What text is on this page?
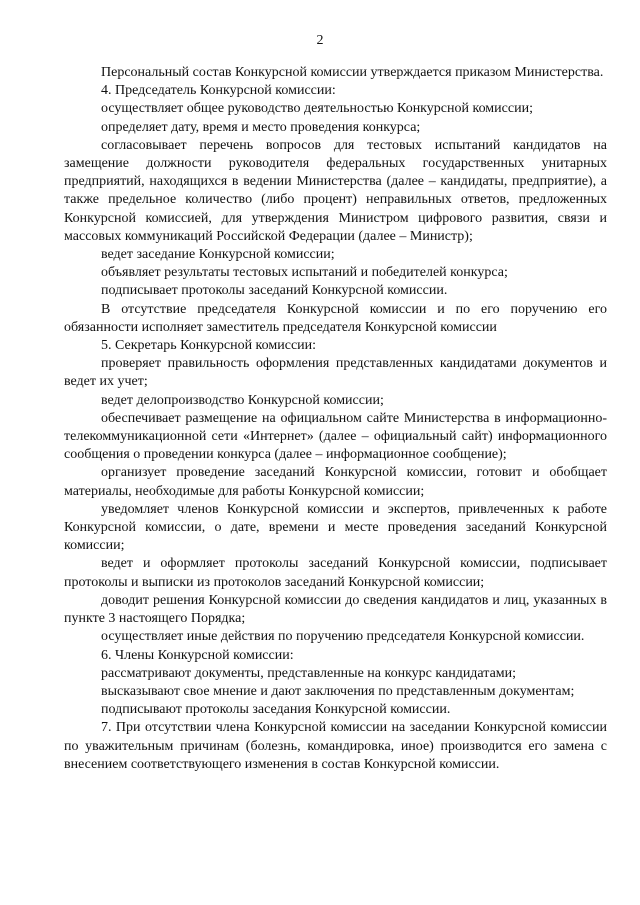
2

Персональный состав Конкурсной комиссии утверждается приказом Министерства.

4. Председатель Конкурсной комиссии:

осуществляет общее руководство деятельностью Конкурсной комиссии;

определяет дату, время и место проведения конкурса;

согласовывает перечень вопросов для тестовых испытаний кандидатов на замещение должности руководителя федеральных государственных унитарных предприятий, находящихся в ведении Министерства (далее – кандидаты, предприятие), а также предельное количество (либо процент) неправильных ответов, предложенных Конкурсной комиссией, для утверждения Министром цифрового развития, связи и массовых коммуникаций Российской Федерации (далее – Министр);

ведет заседание Конкурсной комиссии;

объявляет результаты тестовых испытаний и победителей конкурса;

подписывает протоколы заседаний Конкурсной комиссии.

В отсутствие председателя Конкурсной комиссии и по его поручению его обязанности исполняет заместитель председателя Конкурсной комиссии

5. Секретарь Конкурсной комиссии:

проверяет правильность оформления представленных кандидатами документов и ведет их учет;

ведет делопроизводство Конкурсной комиссии;

обеспечивает размещение на официальном сайте Министерства в информационно-телекоммуникационной сети «Интернет» (далее – официальный сайт) информационного сообщения о проведении конкурса (далее – информационное сообщение);

организует проведение заседаний Конкурсной комиссии, готовит и обобщает материалы, необходимые для работы Конкурсной комиссии;

уведомляет членов Конкурсной комиссии и экспертов, привлеченных к работе Конкурсной комиссии, о дате, времени и месте проведения заседаний Конкурсной комиссии;

ведет и оформляет протоколы заседаний Конкурсной комиссии, подписывает протоколы и выписки из протоколов заседаний Конкурсной комиссии;

доводит решения Конкурсной комиссии до сведения кандидатов и лиц, указанных в пункте 3 настоящего Порядка;

осуществляет иные действия по поручению председателя Конкурсной комиссии.

6. Члены Конкурсной комиссии:

рассматривают документы, представленные на конкурс кандидатами;

высказывают свое мнение и дают заключения по представленным документам;

подписывают протоколы заседания Конкурсной комиссии.

7. При отсутствии члена Конкурсной комиссии на заседании Конкурсной комиссии по уважительным причинам (болезнь, командировка, иное) производится его замена с внесением соответствующего изменения в состав Конкурсной комиссии.
